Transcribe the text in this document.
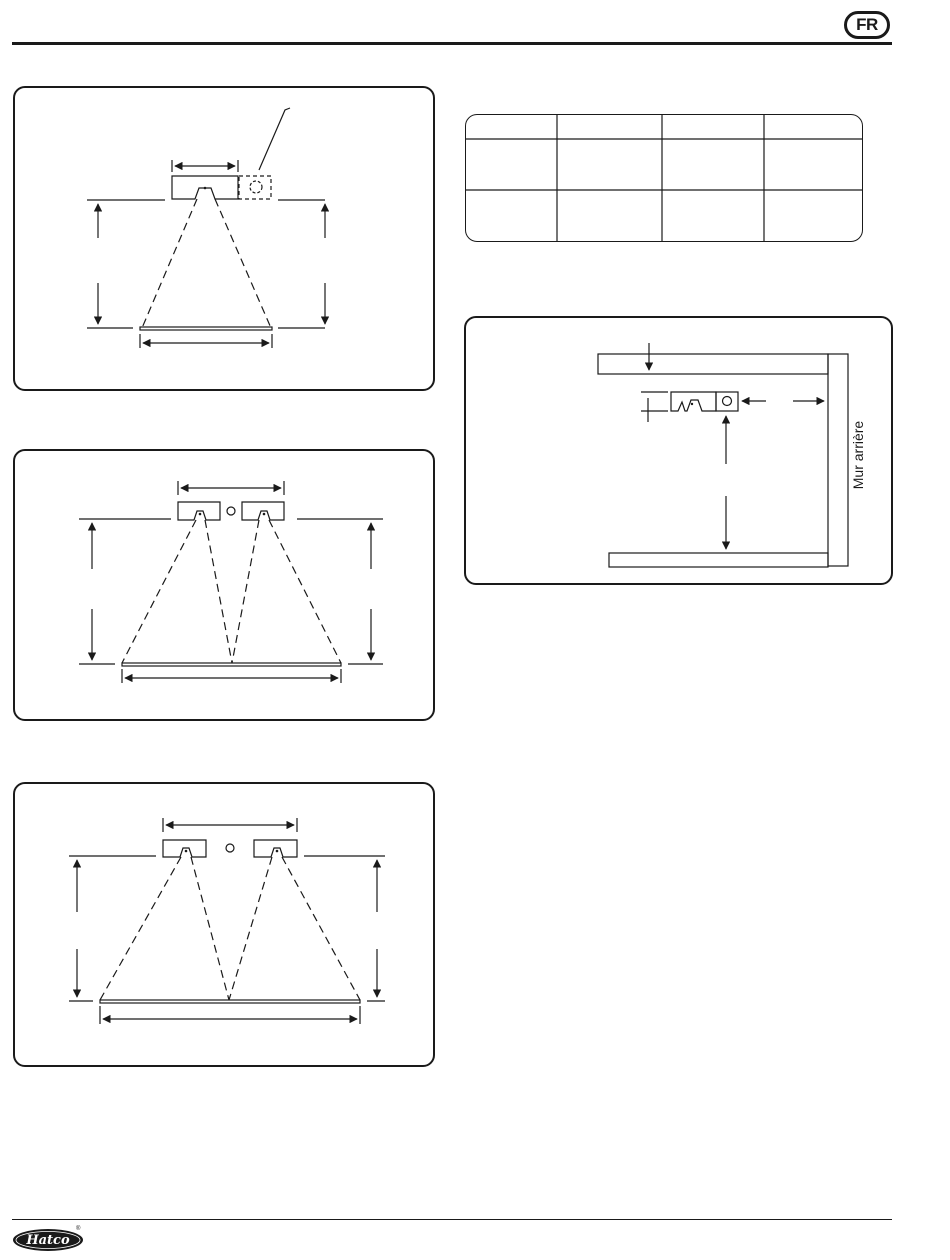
FR
Mur arrière
Hatco
®
